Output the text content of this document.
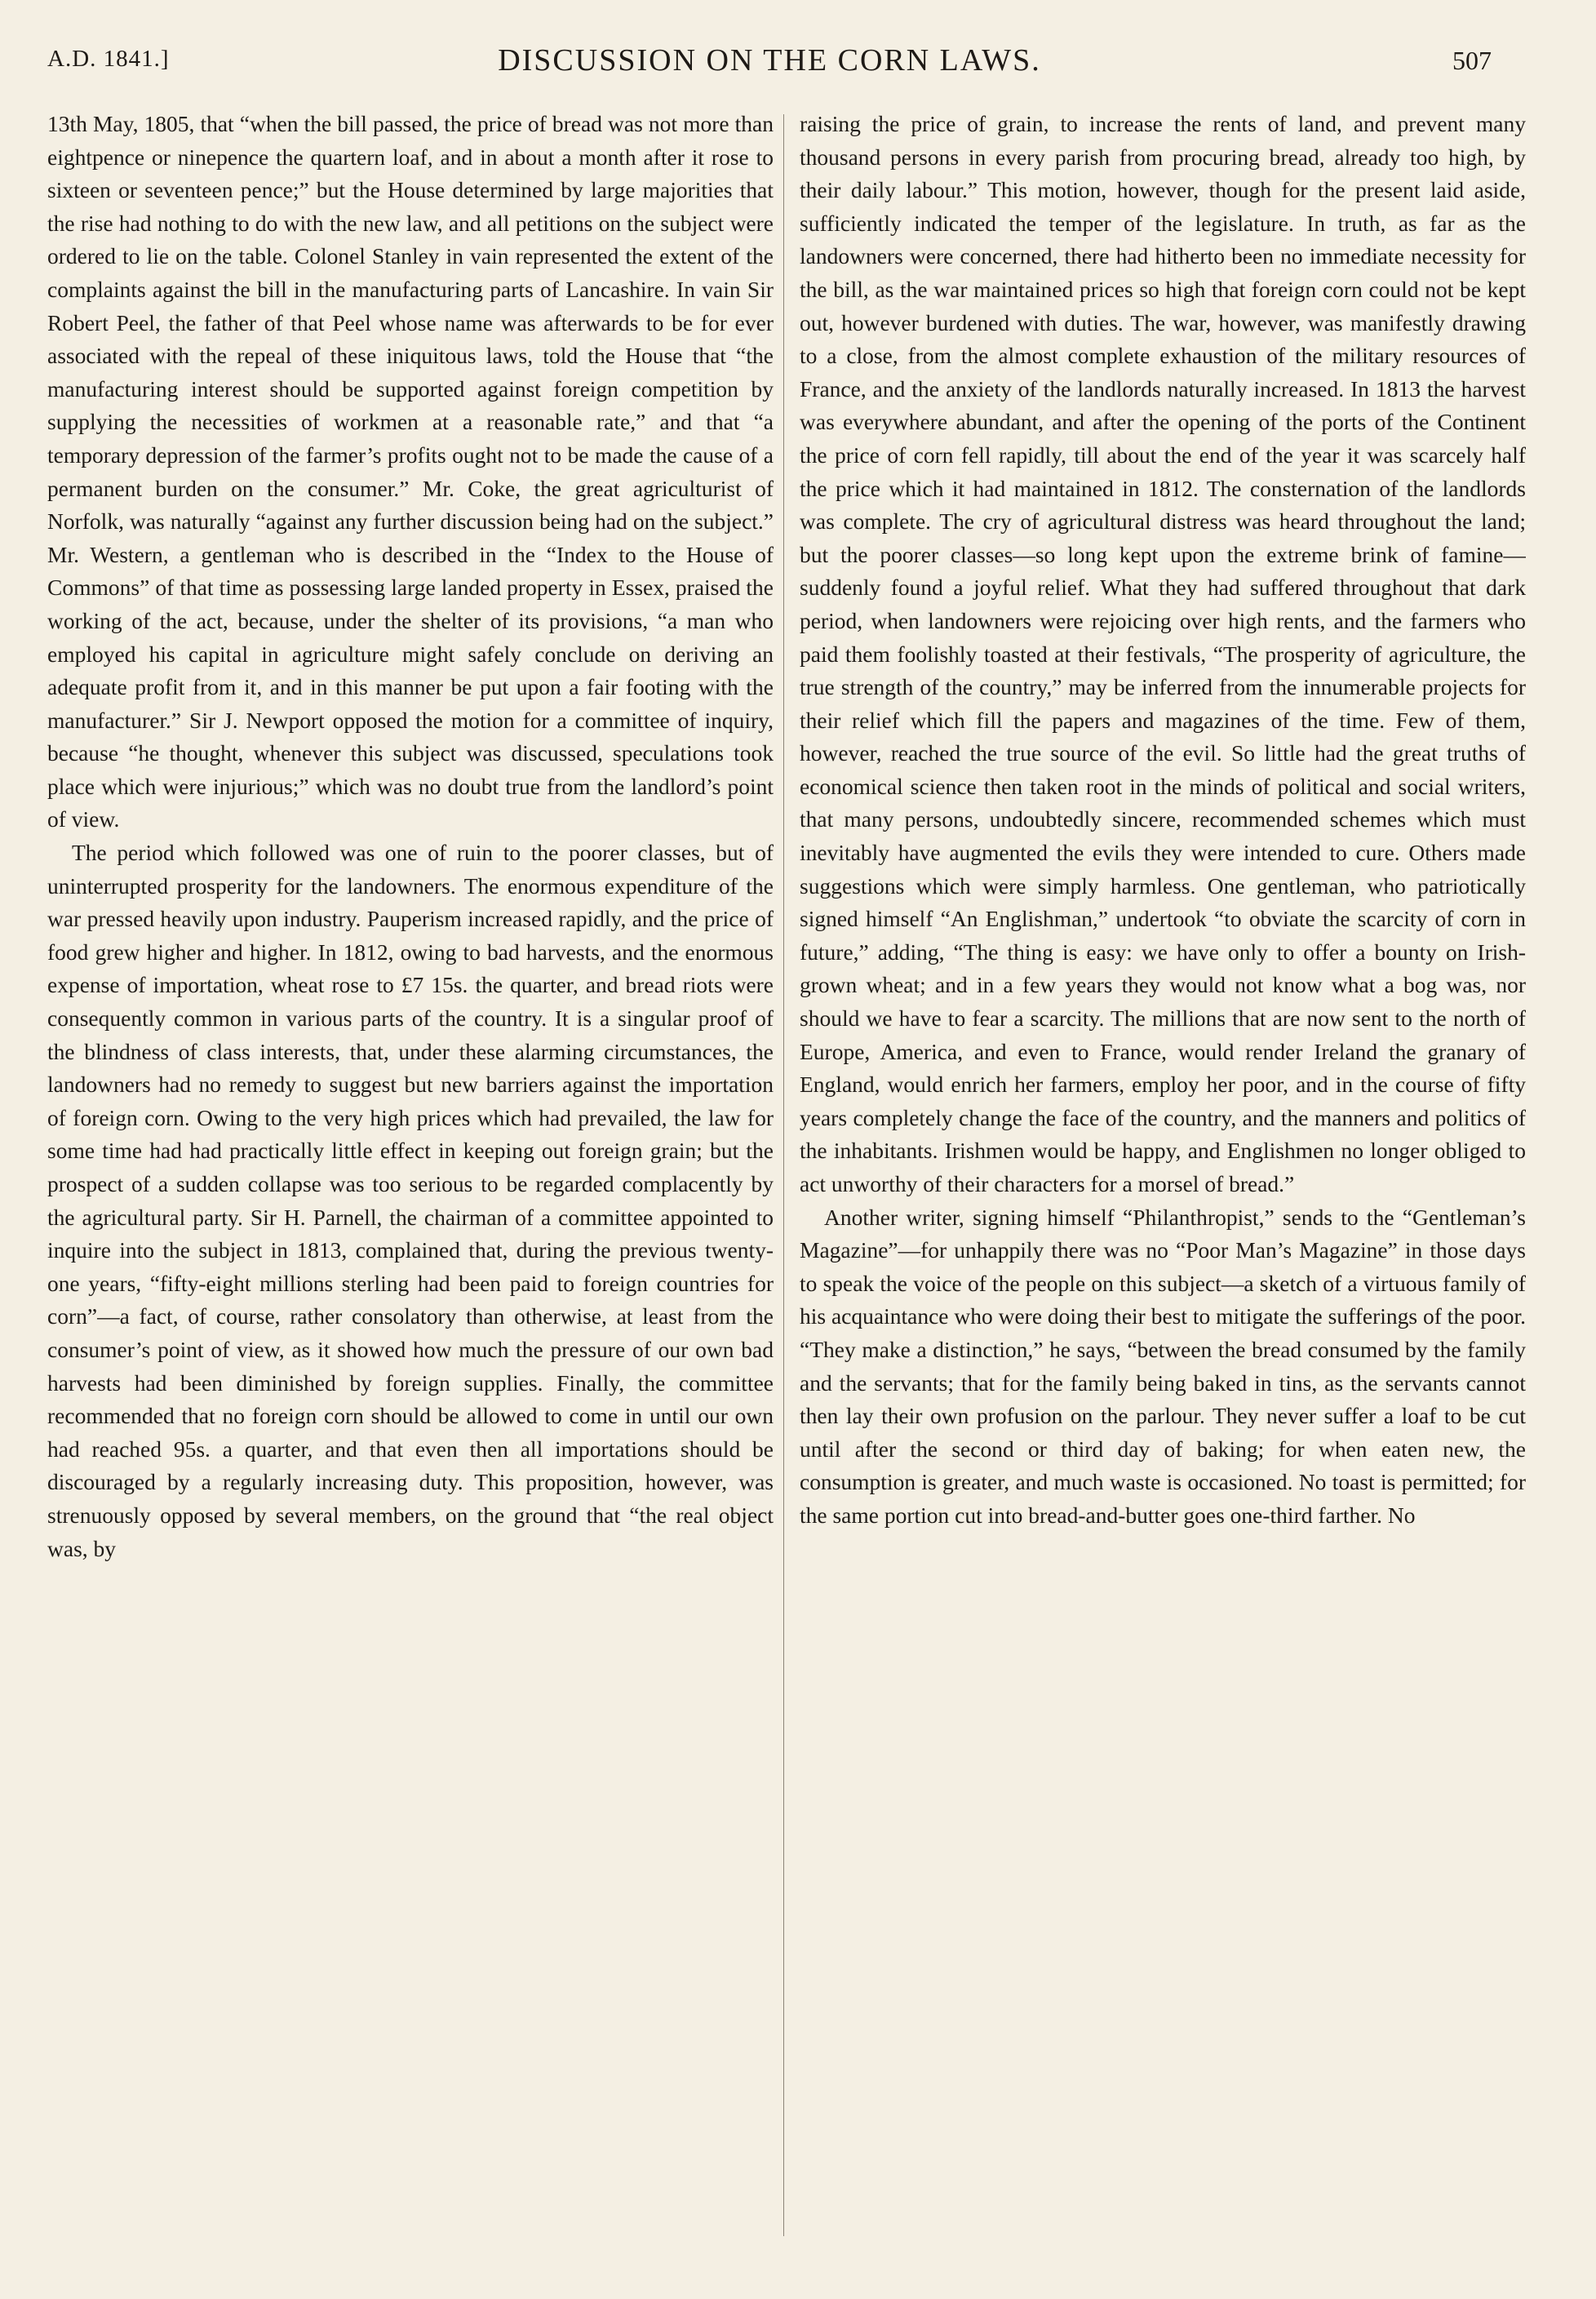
A.D. 1841.]	DISCUSSION ON THE CORN LAWS.	507

13th May, 1805, that “when the bill passed, the price of bread was not more than eightpence or ninepence the quartern loaf, and in about a month after it rose to sixteen or seventeen pence;” but the House determined by large majorities that the rise had nothing to do with the new law, and all petitions on the subject were ordered to lie on the table. Colonel Stanley in vain represented the extent of the complaints against the bill in the manufacturing parts of Lancashire. In vain Sir Robert Peel, the father of that Peel whose name was afterwards to be for ever associated with the repeal of these iniquitous laws, told the House that “the manufacturing interest should be supported against foreign competition by supplying the necessities of workmen at a reasonable rate,” and that “a temporary depression of the farmer’s profits ought not to be made the cause of a permanent burden on the consumer.” Mr. Coke, the great agriculturist of Norfolk, was naturally “against any further discussion being had on the subject.” Mr. Western, a gentleman who is described in the “Index to the House of Commons” of that time as possessing large landed property in Essex, praised the working of the act, because, under the shelter of its provisions, “a man who employed his capital in agriculture might safely conclude on deriving an adequate profit from it, and in this manner be put upon a fair footing with the manufacturer.” Sir J. Newport opposed the motion for a committee of inquiry, because “he thought, whenever this subject was discussed, speculations took place which were injurious;” which was no doubt true from the landlord’s point of view.

The period which followed was one of ruin to the poorer classes, but of uninterrupted prosperity for the landowners. The enormous expenditure of the war pressed heavily upon industry. Pauperism increased rapidly, and the price of food grew higher and higher. In 1812, owing to bad harvests, and the enormous expense of importation, wheat rose to £7 15s. the quarter, and bread riots were consequently common in various parts of the country. It is a singular proof of the blindness of class interests, that, under these alarming circumstances, the landowners had no remedy to suggest but new barriers against the importation of foreign corn. Owing to the very high prices which had prevailed, the law for some time had had practically little effect in keeping out foreign grain; but the prospect of a sudden collapse was too serious to be regarded complacently by the agricultural party. Sir H. Parnell, the chairman of a committee appointed to inquire into the subject in 1813, complained that, during the previous twenty-one years, “fifty-eight millions sterling had been paid to foreign countries for corn”—a fact, of course, rather consolatory than otherwise, at least from the consumer’s point of view, as it showed how much the pressure of our own bad harvests had been diminished by foreign supplies. Finally, the committee recommended that no foreign corn should be allowed to come in until our own had reached 95s. a quarter, and that even then all importations should be discouraged by a regularly increasing duty. This proposition, however, was strenuously opposed by several members, on the ground that “the real object was, by

raising the price of grain, to increase the rents of land, and prevent many thousand persons in every parish from procuring bread, already too high, by their daily labour.” This motion, however, though for the present laid aside, sufficiently indicated the temper of the legislature. In truth, as far as the landowners were concerned, there had hitherto been no immediate necessity for the bill, as the war maintained prices so high that foreign corn could not be kept out, however burdened with duties. The war, however, was manifestly drawing to a close, from the almost complete exhaustion of the military resources of France, and the anxiety of the landlords naturally increased. In 1813 the harvest was everywhere abundant, and after the opening of the ports of the Continent the price of corn fell rapidly, till about the end of the year it was scarcely half the price which it had maintained in 1812. The consternation of the landlords was complete. The cry of agricultural distress was heard throughout the land; but the poorer classes—so long kept upon the extreme brink of famine—suddenly found a joyful relief. What they had suffered throughout that dark period, when landowners were rejoicing over high rents, and the farmers who paid them foolishly toasted at their festivals, “The prosperity of agriculture, the true strength of the country,” may be inferred from the innumerable projects for their relief which fill the papers and magazines of the time. Few of them, however, reached the true source of the evil. So little had the great truths of economical science then taken root in the minds of political and social writers, that many persons, undoubtedly sincere, recommended schemes which must inevitably have augmented the evils they were intended to cure. Others made suggestions which were simply harmless. One gentleman, who patriotically signed himself “An Englishman,” undertook “to obviate the scarcity of corn in future,” adding, “The thing is easy: we have only to offer a bounty on Irish-grown wheat; and in a few years they would not know what a bog was, nor should we have to fear a scarcity. The millions that are now sent to the north of Europe, America, and even to France, would render Ireland the granary of England, would enrich her farmers, employ her poor, and in the course of fifty years completely change the face of the country, and the manners and politics of the inhabitants. Irishmen would be happy, and Englishmen no longer obliged to act unworthy of their characters for a morsel of bread.”

Another writer, signing himself “Philanthropist,” sends to the “Gentleman’s Magazine”—for unhappily there was no “Poor Man’s Magazine” in those days to speak the voice of the people on this subject—a sketch of a virtuous family of his acquaintance who were doing their best to mitigate the sufferings of the poor. “They make a distinction,” he says, “between the bread consumed by the family and the servants; that for the family being baked in tins, as the servants cannot then lay their own profusion on the parlour. They never suffer a loaf to be cut until after the second or third day of baking; for when eaten new, the consumption is greater, and much waste is occasioned. No toast is permitted; for the same portion cut into bread-and-butter goes one-third farther. No
